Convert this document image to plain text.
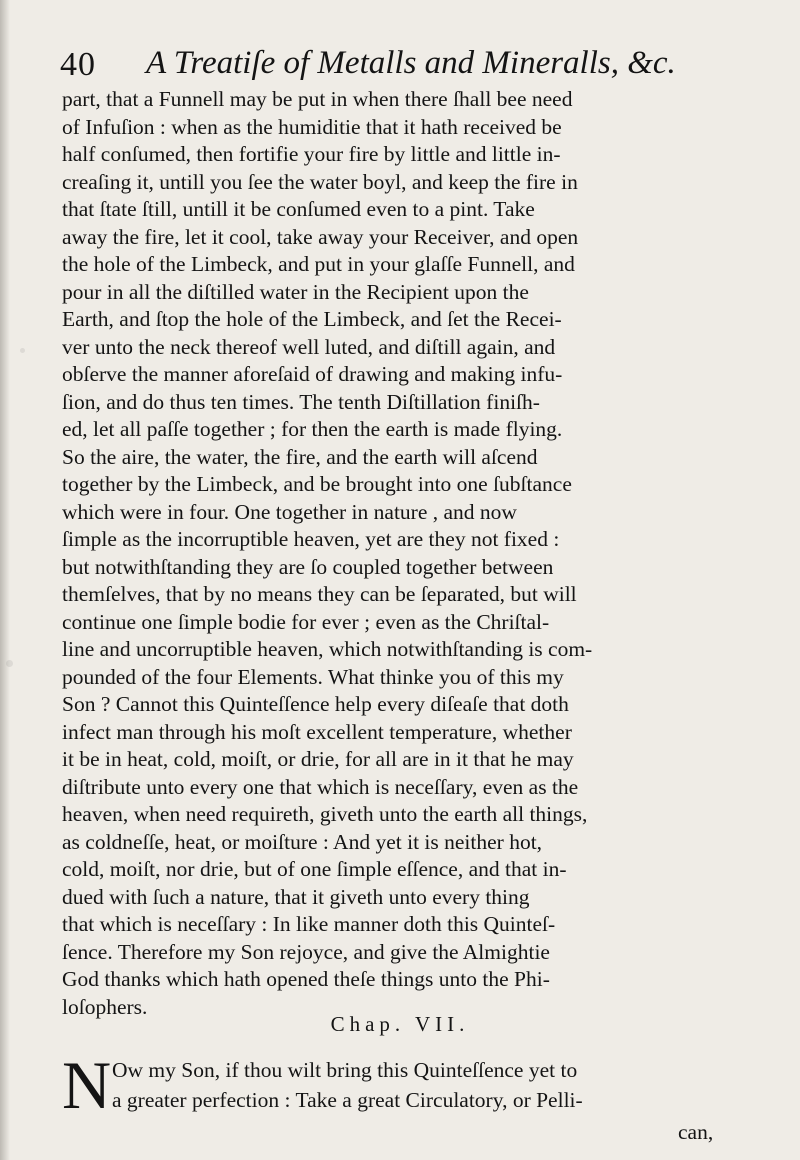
40 A Treatiſe of Metalls and Mineralls, &c.
part, that a Funnell may be put in when there ſhall bee need
of Infuſion : when as the humiditie that it hath received be
half conſumed, then fortifie your fire by little and little in-
creaſing it, untill you ſee the water boyl, and keep the fire in
that ſtate ſtill, untill it be conſumed even to a pint. Take
away the fire, let it cool, take away your Receiver, and open
the hole of the Limbeck, and put in your glaſſe Funnell, and
pour in all the diſtilled water in the Recipient upon the
Earth, and ſtop the hole of the Limbeck, and ſet the Recei-
ver unto the neck thereof well luted, and diſtill again, and
obſerve the manner aforeſaid of drawing and making infu-
ſion, and do thus ten times. The tenth Diſtillation finiſh-
ed, let all paſſe together ; for then the earth is made flying.
So the aire, the water, the fire, and the earth will aſcend
together by the Limbeck, and be brought into one ſubſtance
which were in four. One together in nature , and now
ſimple as the incorruptible heaven, yet are they not fixed :
but notwithſtanding they are ſo coupled together between
themſelves, that by no means they can be ſeparated, but will
continue one ſimple bodie for ever ; even as the Chriſtal-
line and uncorruptible heaven, which notwithſtanding is com-
pounded of the four Elements. What thinke you of this my
Son ? Cannot this Quinteſſence help every diſeaſe that doth
infect man through his moſt excellent temperature, whether
it be in heat, cold, moiſt, or drie, for all are in it that he may
diſtribute unto every one that which is neceſſary, even as the
heaven, when need requireth, giveth unto the earth all things,
as coldneſſe, heat, or moiſture : And yet it is neither hot,
cold, moiſt, nor drie, but of one ſimple eſſence, and that in-
dued with ſuch a nature, that it giveth unto every thing
that which is neceſſary : In like manner doth this Quinteſ-
ſence. Therefore my Son rejoyce, and give the Almightie
God thanks which hath opened theſe things unto the Phi-
loſophers.
Chap. VII.
N Ow my Son, if thou wilt bring this Quinteſſence yet to
a greater perfection : Take a great Circulatory, or Pelli-
can,
